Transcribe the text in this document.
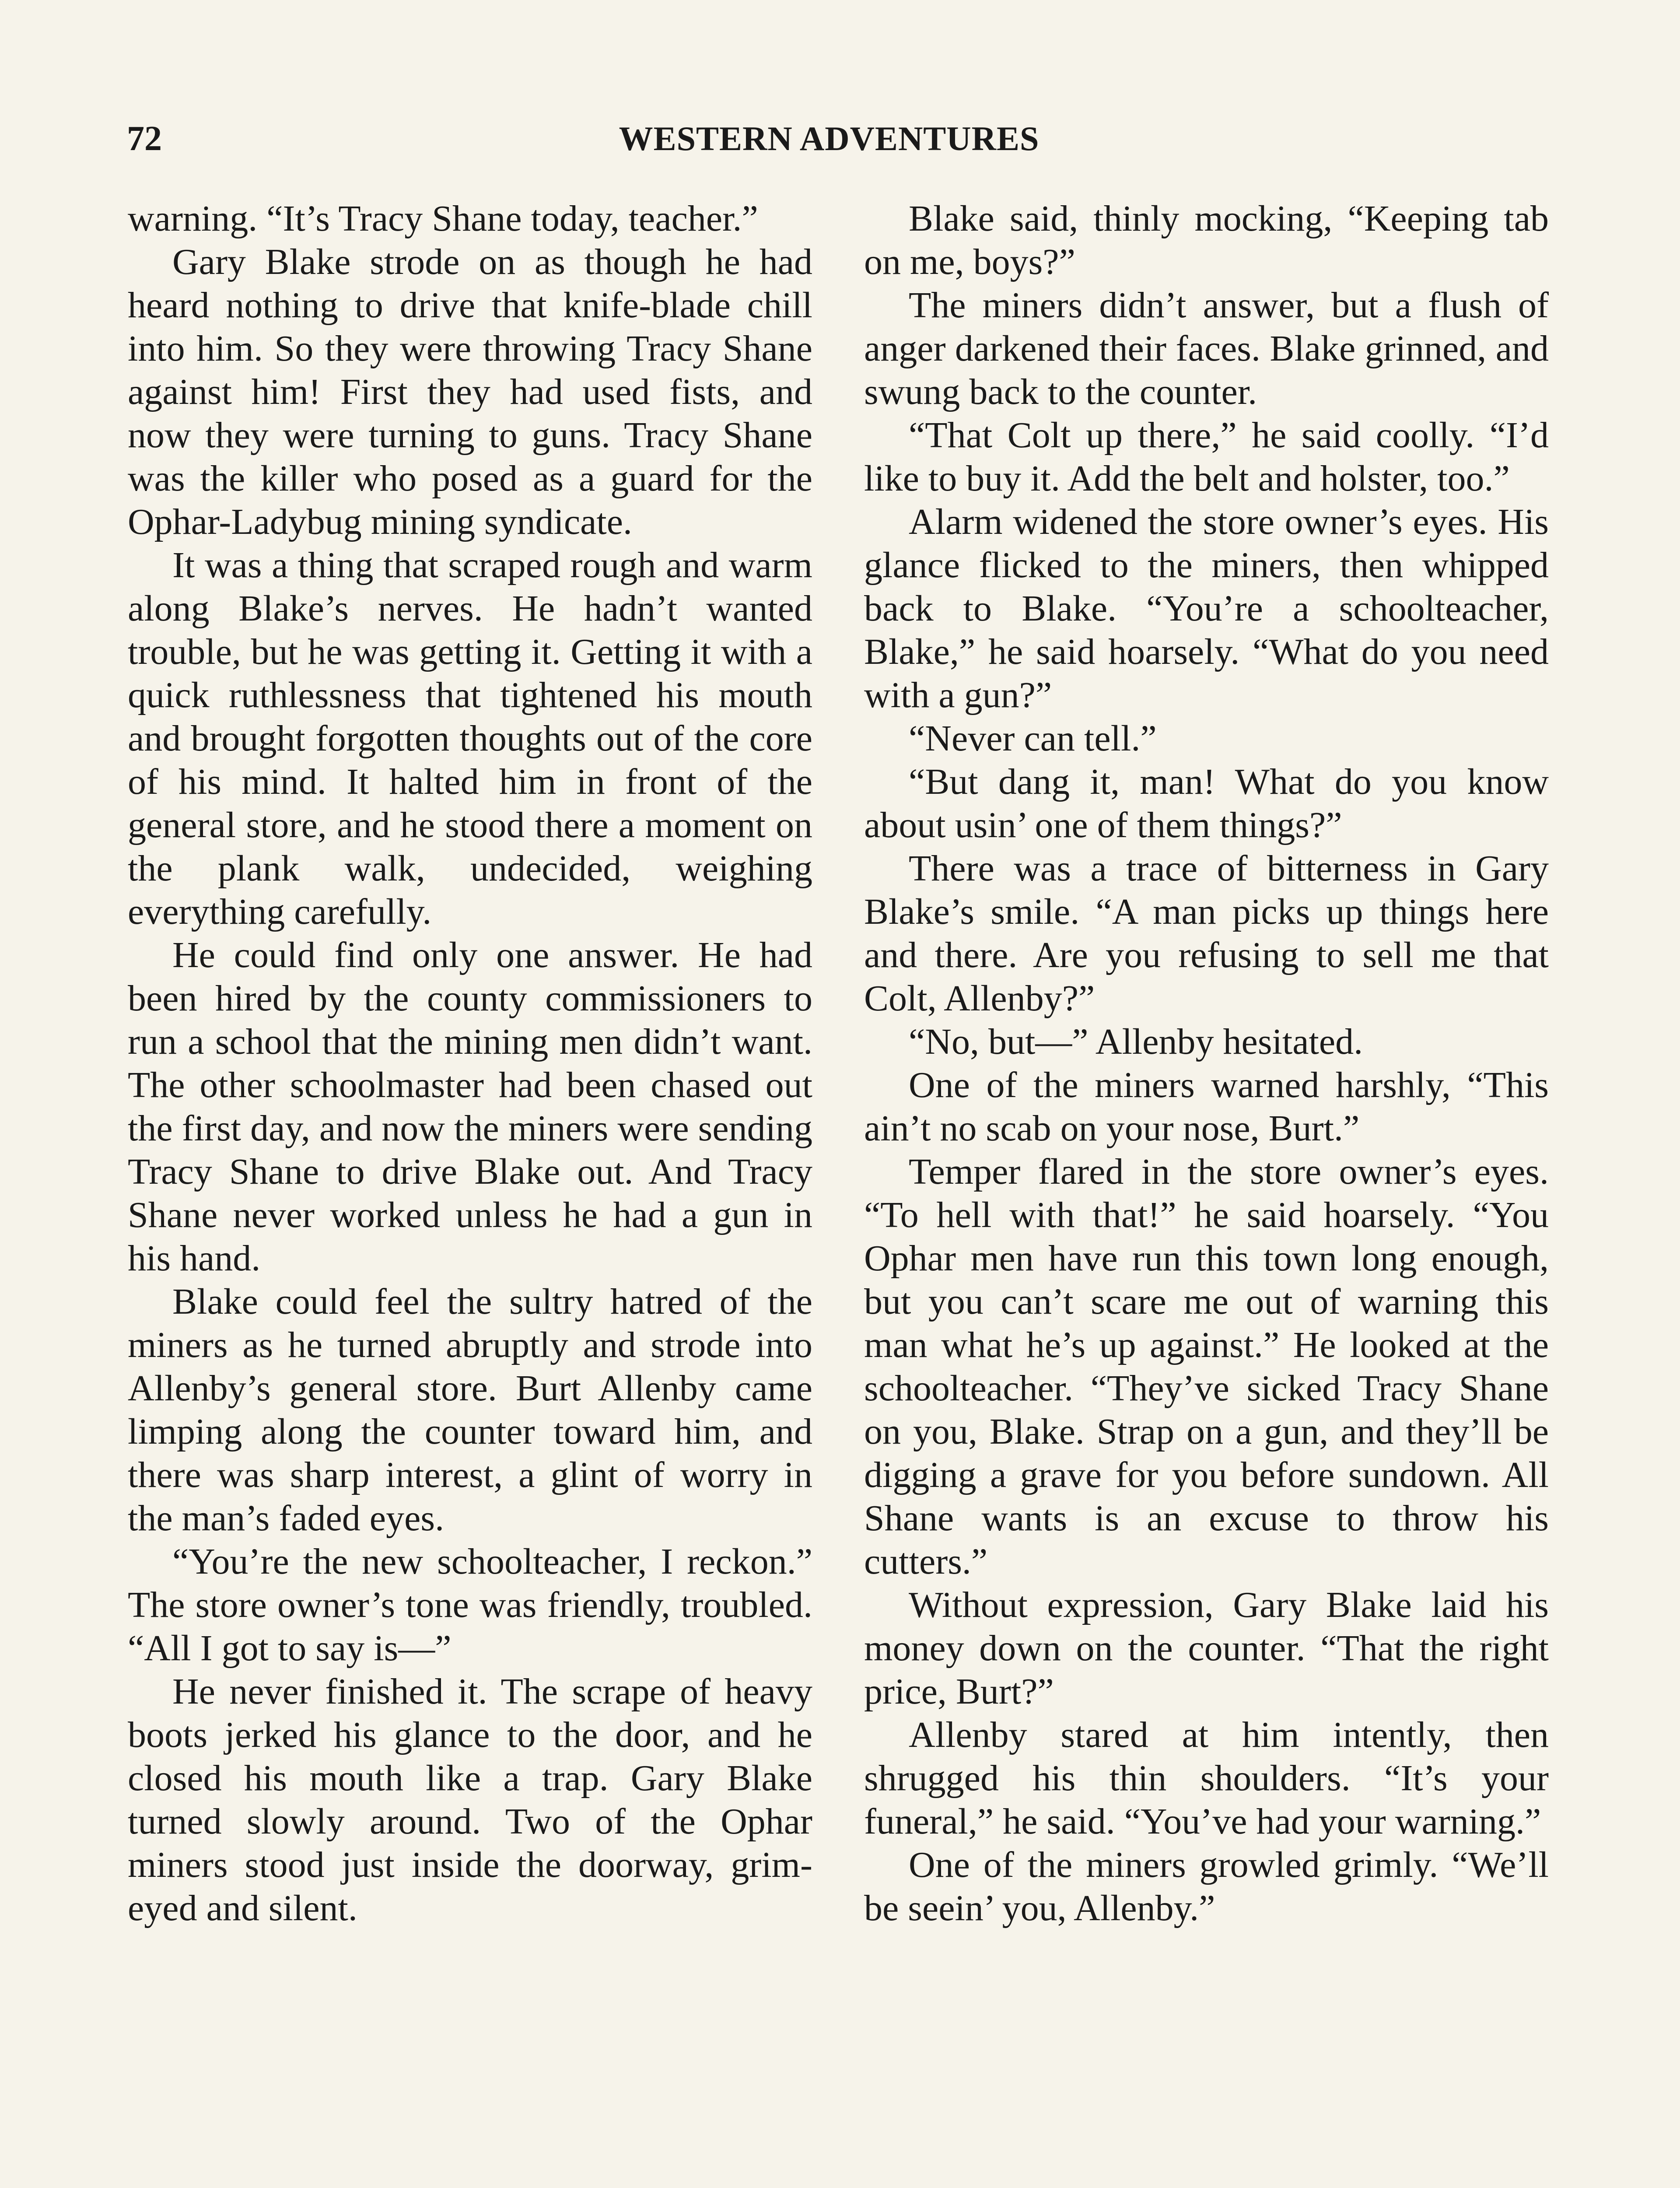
72	WESTERN ADVENTURES

warning. “It’s Tracy Shane today, teacher.”

Gary Blake strode on as though he had heard nothing to drive that knife-blade chill into him. So they were throwing Tracy Shane against him! First they had used fists, and now they were turning to guns. Tracy Shane was the killer who posed as a guard for the Ophar-Ladybug mining syndicate.

It was a thing that scraped rough and warm along Blake’s nerves. He hadn’t wanted trouble, but he was getting it. Getting it with a quick ruthlessness that tightened his mouth and brought forgotten thoughts out of the core of his mind. It halted him in front of the general store, and he stood there a moment on the plank walk, undecided, weighing everything carefully.

He could find only one answer. He had been hired by the county commissioners to run a school that the mining men didn’t want. The other schoolmaster had been chased out the first day, and now the miners were sending Tracy Shane to drive Blake out. And Tracy Shane never worked unless he had a gun in his hand.

Blake could feel the sultry hatred of the miners as he turned abruptly and strode into Allenby’s general store. Burt Allenby came limping along the counter toward him, and there was sharp interest, a glint of worry in the man’s faded eyes.

“You’re the new schoolteacher, I reckon.” The store owner’s tone was friendly, troubled. “All I got to say is—”

He never finished it. The scrape of heavy boots jerked his glance to the door, and he closed his mouth like a trap. Gary Blake turned slowly around. Two of the Ophar miners stood just inside the doorway, grim-eyed and silent.

Blake said, thinly mocking, “Keeping tab on me, boys?”

The miners didn’t answer, but a flush of anger darkened their faces. Blake grinned, and swung back to the counter.

“That Colt up there,” he said coolly. “I’d like to buy it. Add the belt and holster, too.”

Alarm widened the store owner’s eyes. His glance flicked to the miners, then whipped back to Blake. “You’re a schoolteacher, Blake,” he said hoarsely. “What do you need with a gun?”

“Never can tell.”

“But dang it, man! What do you know about usin’ one of them things?”

There was a trace of bitterness in Gary Blake’s smile. “A man picks up things here and there. Are you refusing to sell me that Colt, Allenby?”

“No, but—” Allenby hesitated.

One of the miners warned harshly, “This ain’t no scab on your nose, Burt.”

Temper flared in the store owner’s eyes. “To hell with that!” he said hoarsely. “You Ophar men have run this town long enough, but you can’t scare me out of warning this man what he’s up against.” He looked at the schoolteacher. “They’ve sicked Tracy Shane on you, Blake. Strap on a gun, and they’ll be digging a grave for you before sundown. All Shane wants is an excuse to throw his cutters.”

Without expression, Gary Blake laid his money down on the counter. “That the right price, Burt?”

Allenby stared at him intently, then shrugged his thin shoulders. “It’s your funeral,” he said. “You’ve had your warning.”

One of the miners growled grimly. “We’ll be seein’ you, Allenby.”
